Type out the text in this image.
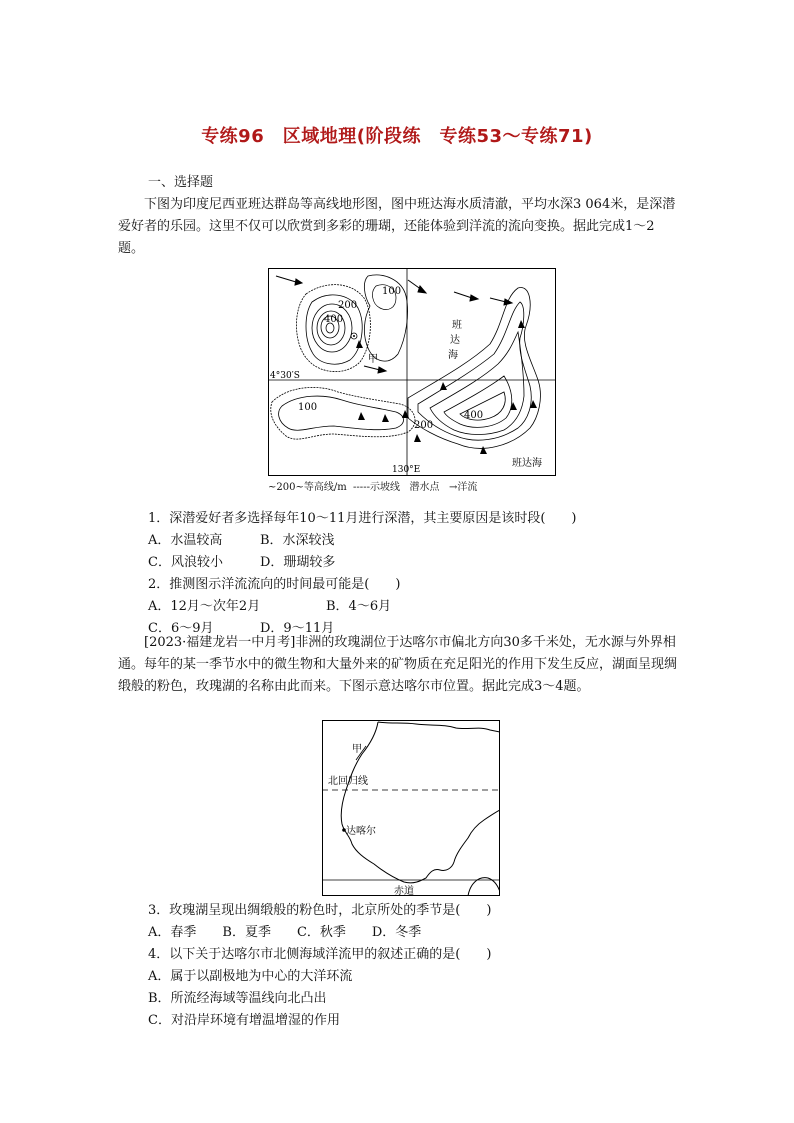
专练96　区域地理(阶段练　专练53～专练71)

一、选择题

下图为印度尼西亚班达群岛等高线地形图，图中班达海水质清澈，平均水深3 064米，是深潜爱好者的乐园。这里不仅可以欣赏到多彩的珊瑚，还能体验到洋流的流向变换。据此完成1～2题。

100
200
400
甲
班
达
海
4°30′S
100
200
400
130°E
班达海
~200~等高线/m  -----示坡线   潜水点   →洋流

1．深潜爱好者多选择每年10～11月进行深潜，其主要原因是该时段(　　)

A．水温较高	B．水深较浅
C．风浪较小	D．珊瑚较多

2．推测图示洋流流向的时间最可能是(　　)

A．12月～次年2月	B．4～6月
C．6～9月	D．9～11月

[2023·福建龙岩一中月考]非洲的玫瑰湖位于达喀尔市偏北方向30多千米处，无水源与外界相通。每年的某一季节水中的微生物和大量外来的矿物质在充足阳光的作用下发生反应，湖面呈现绸缎般的粉色，玫瑰湖的名称由此而来。下图示意达喀尔市位置。据此完成3～4题。

甲
北回归线
达喀尔
赤道

3．玫瑰湖呈现出绸缎般的粉色时，北京所处的季节是(　　)

A．春季　　B．夏季　　C．秋季　　D．冬季

4．以下关于达喀尔市北侧海域洋流甲的叙述正确的是(　　)

A．属于以副极地为中心的大洋环流

B．所流经海域等温线向北凸出

C．对沿岸环境有增温增湿的作用
